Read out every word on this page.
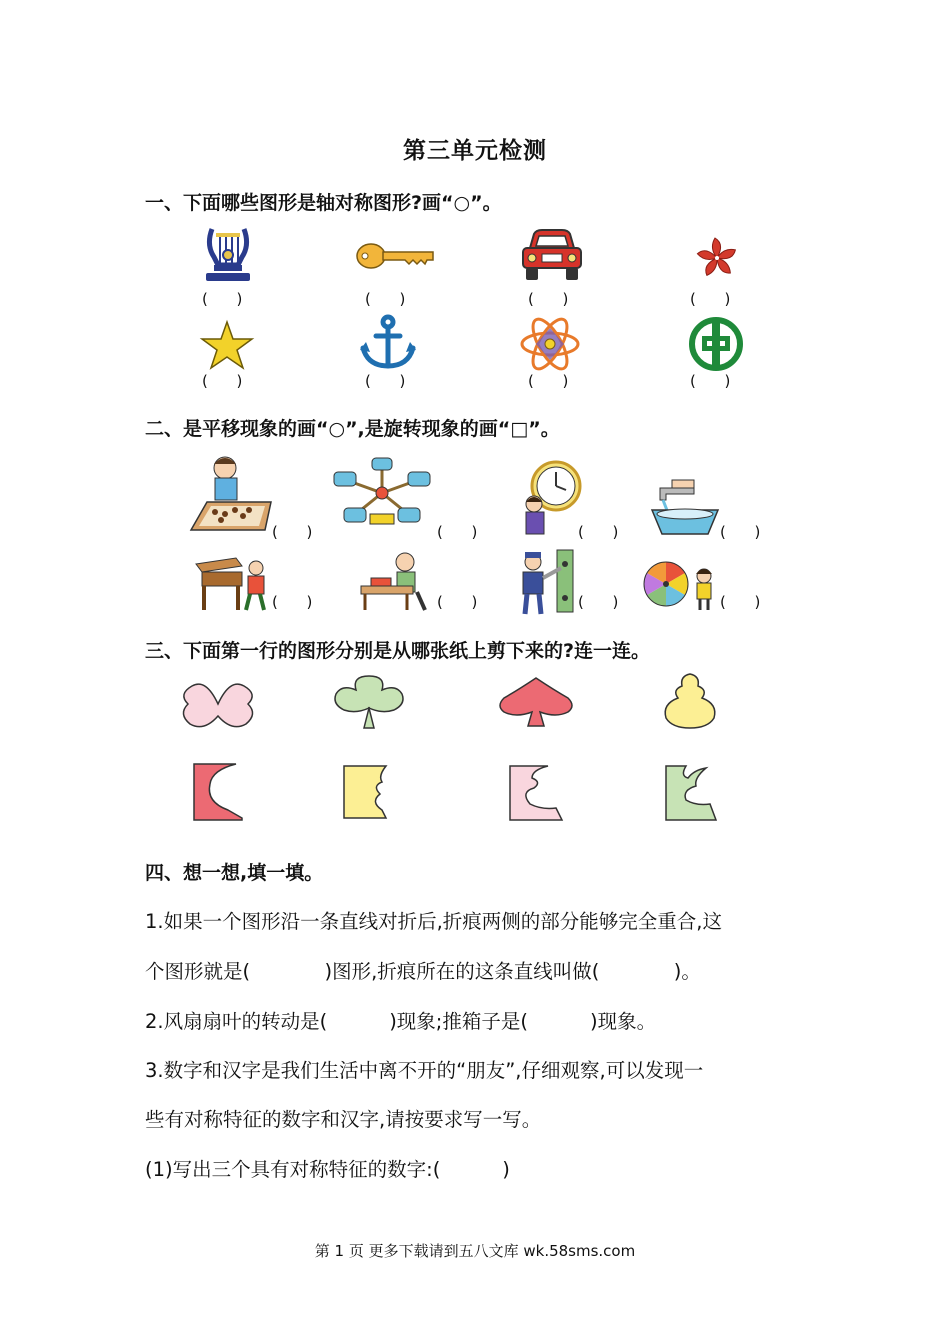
第三单元检测
一、下面哪些图形是轴对称图形?画“○”。
(      )	(      )	(      )	(      )
(      )	(      )	(      )	(      )
二、是平移现象的画“○”,是旋转现象的画“□”。
(      )	(      )	(      )	(      )
(      )	(      )	(      )	(      )
三、下面第一行的图形分别是从哪张纸上剪下来的?连一连。
四、想一想,填一填。
1.如果一个图形沿一条直线对折后,折痕两侧的部分能够完全重合,这
个图形就是(            )图形,折痕所在的这条直线叫做(            )。
2.风扇扇叶的转动是(          )现象;推箱子是(          )现象。
3.数字和汉字是我们生活中离不开的“朋友”,仔细观察,可以发现一
些有对称特征的数字和汉字,请按要求写一写。
(1)写出三个具有对称特征的数字:(          )
第 1 页 更多下载请到五八文库 wk.58sms.com
